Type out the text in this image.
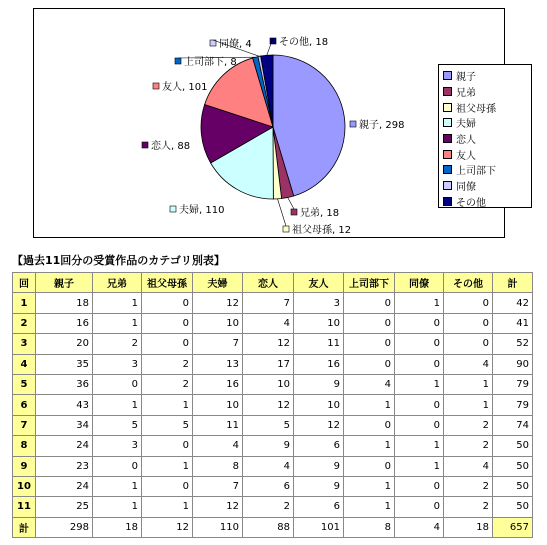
親子, 298
兄弟, 18
祖父母孫, 12
夫婦, 110
恋人, 88
友人, 101
上司部下, 8
同僚, 4	その他, 18
親子
兄弟
祖父母孫
夫婦
恋人
友人
上司部下
同僚
その他
【過去11回分の受賞作品のカテゴリ別表】
回	親子	兄弟	祖父母孫	夫婦	恋人	友人	上司部下	同僚	その他	計
1	18	1	0	12	7	3	0	1	0	42
2	16	1	0	10	4	10	0	0	0	41
3	20	2	0	7	12	11	0	0	0	52
4	35	3	2	13	17	16	0	0	4	90
5	36	0	2	16	10	9	4	1	1	79
6	43	1	1	10	12	10	1	0	1	79
7	34	5	5	11	5	12	0	0	2	74
8	24	3	0	4	9	6	1	1	2	50
9	23	0	1	8	4	9	0	1	4	50
10	24	1	0	7	6	9	1	0	2	50
11	25	1	1	12	2	6	1	0	2	50
計	298	18	12	110	88	101	8	4	18	657
